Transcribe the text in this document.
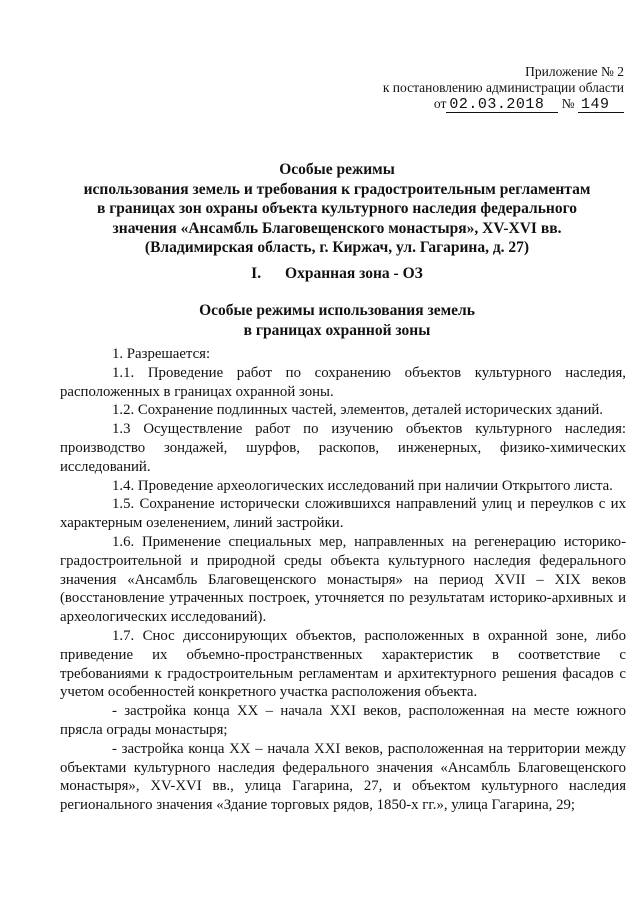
Приложение № 2
к постановлению администрации области
от 02.03.2018 № 149
Особые режимы
использования земель и требования к градостроительным регламентам
в границах зон охраны объекта культурного наследия федерального
значения «Ансамбль Благовещенского монастыря», XV-XVI вв.
(Владимирская область, г. Киржач, ул. Гагарина, д. 27)
I. Охранная зона - ОЗ
Особые режимы использования земель
в границах охранной зоны

1. Разрешается:

1.1. Проведение работ по сохранению объектов культурного наследия, расположенных в границах охранной зоны.

1.2. Сохранение подлинных частей, элементов, деталей исторических зданий.

1.3 Осуществление работ по изучению объектов культурного наследия: производство зондажей, шурфов, раскопов, инженерных, физико-химических исследований.

1.4. Проведение археологических исследований при наличии Открытого листа.

1.5. Сохранение исторически сложившихся направлений улиц и переулков с их характерным озеленением, линий застройки.

1.6. Применение специальных мер, направленных на регенерацию историко-градостроительной и природной среды объекта культурного наследия федерального значения «Ансамбль Благовещенского монастыря» на период XVII – XIX веков (восстановление утраченных построек, уточняется по результатам историко-архивных и археологических исследований).

1.7. Снос диссонирующих объектов, расположенных в охранной зоне, либо приведение их объемно-пространственных характеристик в соответствие с требованиями к градостроительным регламентам и архитектурного решения фасадов с учетом особенностей конкретного участка расположения объекта.

- застройка конца XX – начала XXI веков, расположенная на месте южного прясла ограды монастыря;

- застройка конца XX – начала XXI веков, расположенная на территории между объектами культурного наследия федерального значения «Ансамбль Благовещенского монастыря», XV-XVI вв., улица Гагарина, 27, и объектом культурного наследия регионального значения «Здание торговых рядов, 1850-х гг.», улица Гагарина, 29;
